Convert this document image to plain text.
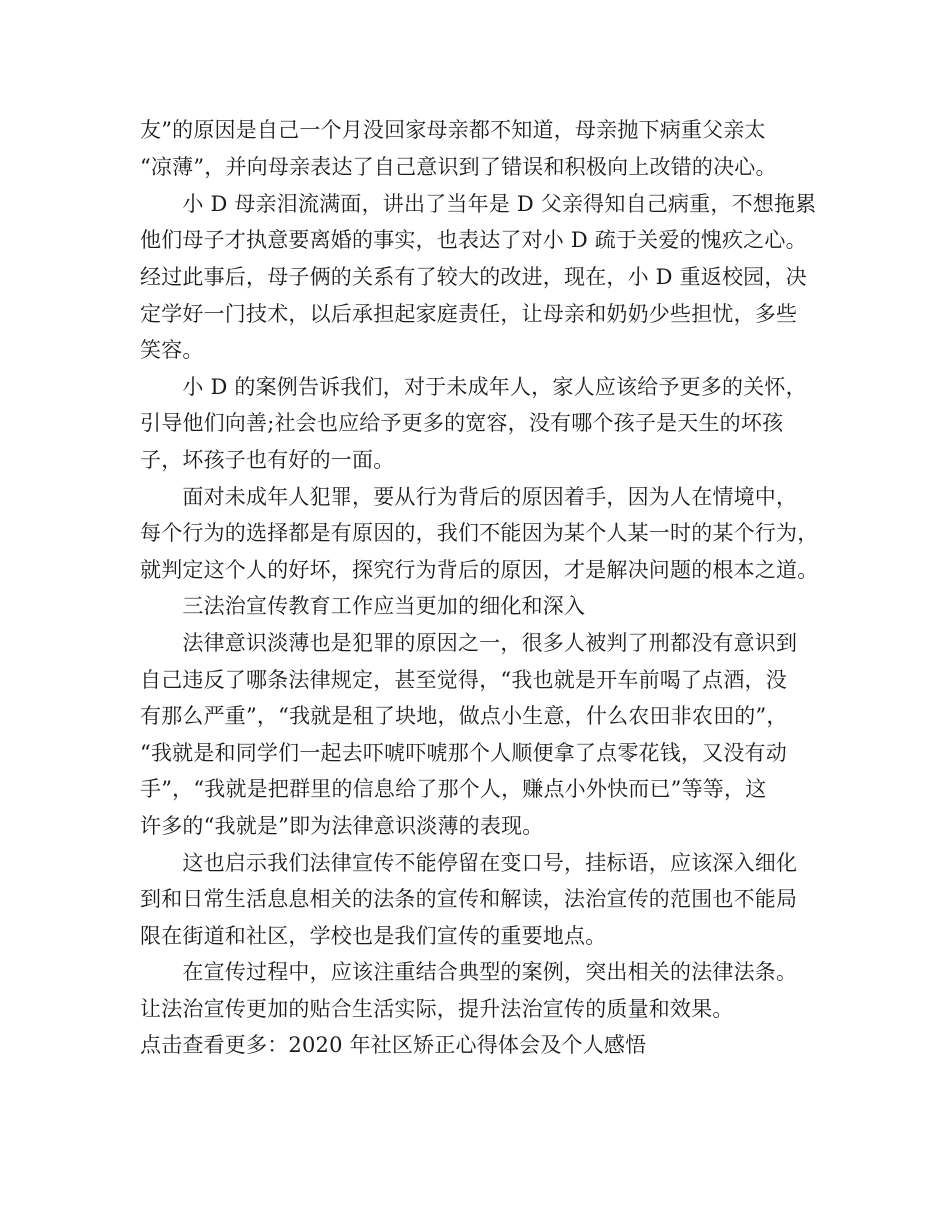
友”的原因是自己一个月没回家母亲都不知道，母亲抛下病重父亲太
“凉薄”，并向母亲表达了自己意识到了错误和积极向上改错的决心。
　　小 D 母亲泪流满面，讲出了当年是 D 父亲得知自己病重，不想拖累
他们母子才执意要离婚的事实，也表达了对小 D 疏于关爱的愧疚之心。
经过此事后，母子俩的关系有了较大的改进，现在，小 D 重返校园，决
定学好一门技术，以后承担起家庭责任，让母亲和奶奶少些担忧，多些
笑容。
　　小 D 的案例告诉我们，对于未成年人，家人应该给予更多的关怀，
引导他们向善;社会也应给予更多的宽容，没有哪个孩子是天生的坏孩
子，坏孩子也有好的一面。
　　面对未成年人犯罪，要从行为背后的原因着手，因为人在情境中，
每个行为的选择都是有原因的，我们不能因为某个人某一时的某个行为，
就判定这个人的好坏，探究行为背后的原因，才是解决问题的根本之道。
　　三法治宣传教育工作应当更加的细化和深入
　　法律意识淡薄也是犯罪的原因之一，很多人被判了刑都没有意识到
自己违反了哪条法律规定，甚至觉得，“我也就是开车前喝了点酒，没
有那么严重”，“我就是租了块地，做点小生意，什么农田非农田的”，
“我就是和同学们一起去吓唬吓唬那个人顺便拿了点零花钱，又没有动
手”，“我就是把群里的信息给了那个人，赚点小外快而已”等等，这
许多的“我就是”即为法律意识淡薄的表现。
　　这也启示我们法律宣传不能停留在变口号，挂标语，应该深入细化
到和日常生活息息相关的法条的宣传和解读，法治宣传的范围也不能局
限在街道和社区，学校也是我们宣传的重要地点。
　　在宣传过程中，应该注重结合典型的案例，突出相关的法律法条。
让法治宣传更加的贴合生活实际，提升法治宣传的质量和效果。
点击查看更多：2020 年社区矫正心得体会及个人感悟
